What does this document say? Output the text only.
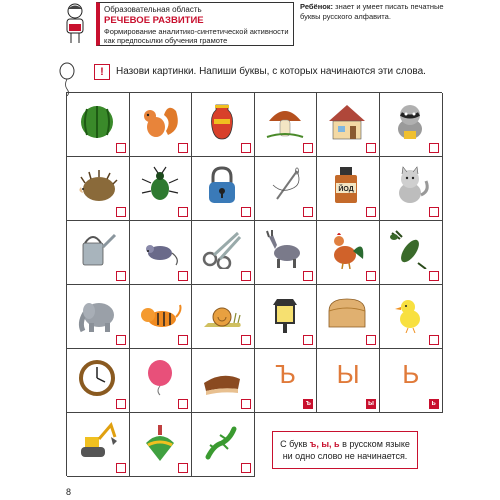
Образовательная область
РЕЧЕВОЕ РАЗВИТИЕ
Формирование аналитико-синтетической активности
как предпосылки обучения грамоте
Ребёнок: знает и умеет писать печатные
буквы русского алфавита.
!	Назови картинки. Напиши буквы, с которых начинаются эти слова.
ЙОД
Ъ
ъ
Ы
ы
Ь
ь
С букв ъ, ы, ь в русском языке
ни одно слово не начинается.
8
